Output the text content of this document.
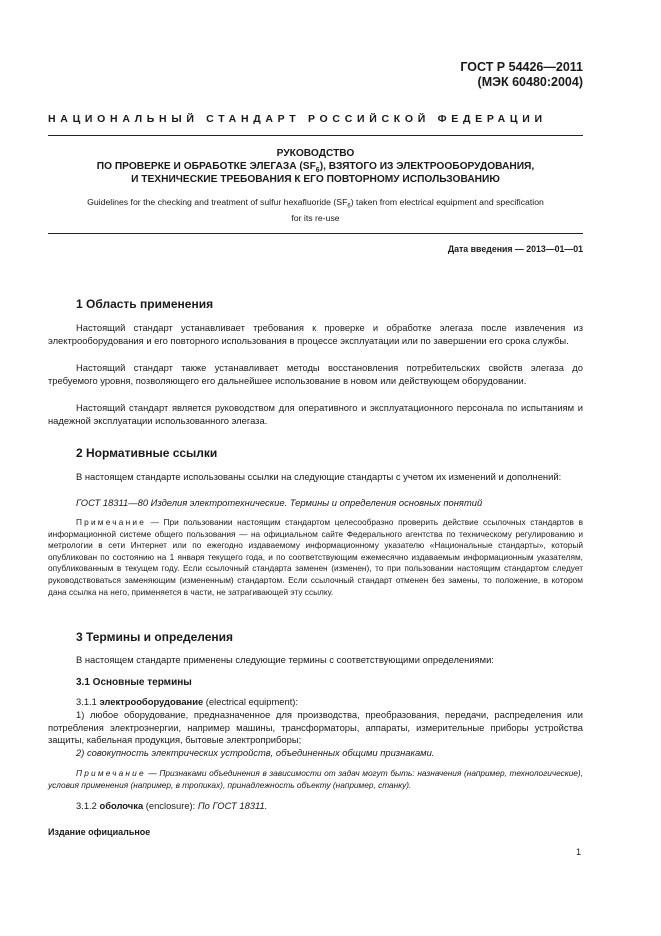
ГОСТ Р 54426—2011
(МЭК 60480:2004)
НАЦИОНАЛЬНЫЙ СТАНДАРТ РОССИЙСКОЙ ФЕДЕРАЦИИ
РУКОВОДСТВО
ПО ПРОВЕРКЕ И ОБРАБОТКЕ ЭЛЕГАЗА $(SF_6)$, ВЗЯТОГО ИЗ ЭЛЕКТРООБОРУДОВАНИЯ,
И ТЕХНИЧЕСКИЕ ТРЕБОВАНИЯ К ЕГО ПОВТОРНОМУ ИСПОЛЬЗОВАНИЮ
Guidelines for the checking and treatment of sulfur hexafluoride $(SF_6)$ taken from electrical equipment and specification
for its re-use
Дата введения — 2013—01—01
1 Область применения

Настоящий стандарт устанавливает требования к проверке и обработке элегаза после извлечения из электрооборудования и его повторного использования в процессе эксплуатации или по завершении его срока службы.

Настоящий стандарт также устанавливает методы восстановления потребительских свойств элегаза до требуемого уровня, позволяющего его дальнейшее использование в новом или действующем оборудовании.

Настоящий стандарт является руководством для оперативного и эксплуатационного персонала по испытаниям и надежной эксплуатации использованного элегаза.

2 Нормативные ссылки

В настоящем стандарте использованы ссылки на следующие стандарты с учетом их изменений и дополнений:

ГОСТ 18311—80 Изделия электротехнические. Термины и определения основных понятий

Примечание — При пользовании настоящим стандартом целесообразно проверить действие ссылочных стандартов в информационной системе общего пользования — на официальном сайте Федерального агентства по техническому регулированию и метрологии в сети Интернет или по ежегодно издаваемому информационному указателю «Национальные стандарты», который опубликован по состоянию на 1 января текущего года, и по соответствующим ежемесячно издаваемым информационным указателям, опубликованным в текущем году. Если ссылочный стандарта заменен (изменен), то при пользовании настоящим стандартом следует руководствоваться заменяющим (измененным) стандартом. Если ссылочный стандарт отменен без замены, то положение, в котором дана ссылка на него, применяется в части, не затрагивающей эту ссылку.

3 Термины и определения

В настоящем стандарте применены следующие термины с соответствующими определениями:

3.1 Основные термины

3.1.1 электрооборудование (electrical equipment):

1) любое оборудование, предназначенное для производства, преобразования, передачи, распределения или потребления электроэнергии, например машины, трансформаторы, аппараты, измерительные приборы устройства защиты, кабельная продукция, бытовые электроприборы;

2) совокупность электрических устройств, объединенных общими признаками.

Примечание — Признаками объединения в зависимости от задач могут быть: назначения (например, технологические), условия применения (например, в тропиках), принадлежность объекту (например, станку).

3.1.2 оболочка (enclosure): По ГОСТ 18311.

Издание официальное
1
